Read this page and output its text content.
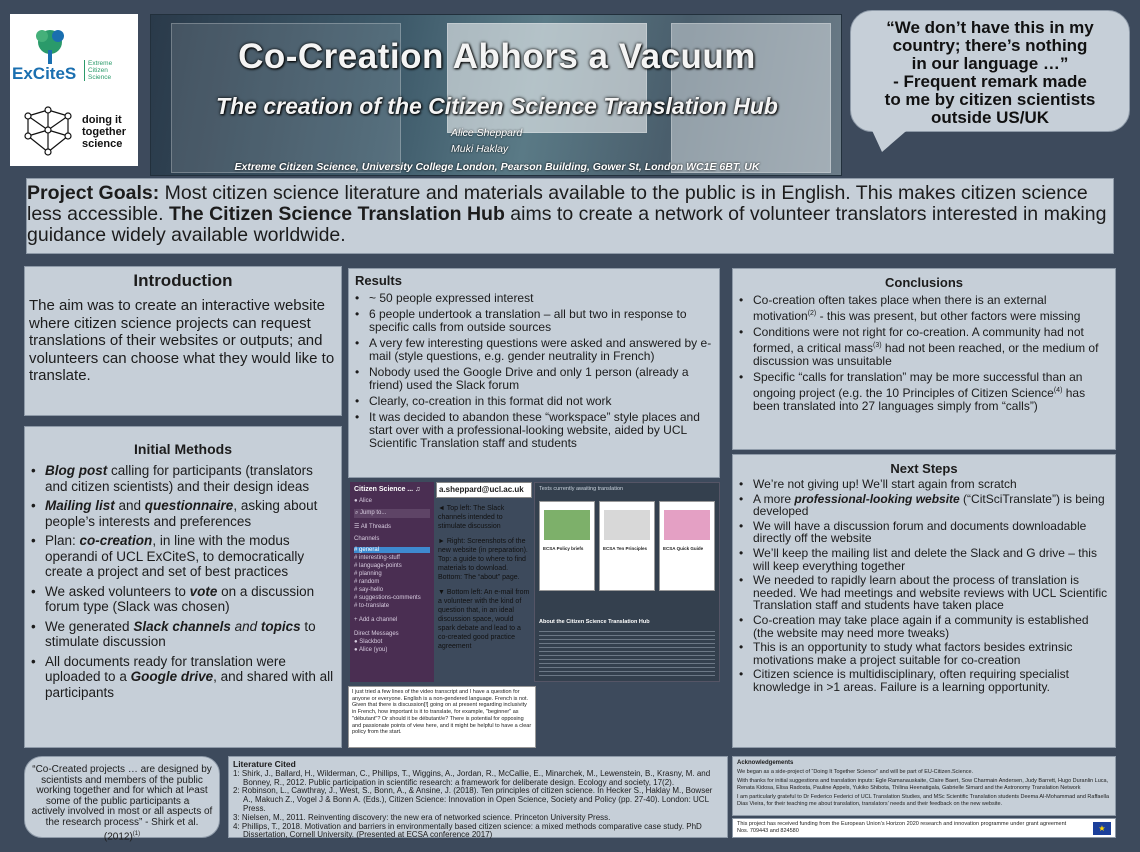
ExCiteS
Extreme
Citizen
Science
doing it
together
science
Co-Creation Abhors a Vacuum
The creation of the Citizen Science Translation Hub
Alice Sheppard
Muki Haklay
Extreme Citizen Science, University College London, Pearson Building, Gower St, London WC1E 6BT, UK
“We don’t have this in my
country; there’s nothing
in our language …”
- Frequent remark made
to me by citizen scientists
outside US/UK
Project Goals: Most citizen science literature and materials available to the public is in English. This makes citizen science less accessible. The Citizen Science Translation Hub aims to create a network of volunteer translators interested in making guidance widely available worldwide.
Introduction

The aim was to create an interactive website where citizen science projects can request translations of their websites or outputs; and volunteers can choose what they would like to translate.

Initial Methods
• Blog post calling for participants (translators and citizen scientists) and their design ideas
• Mailing list and questionnaire, asking about people’s interests and preferences
• Plan: co-creation, in line with the modus operandi of UCL ExCiteS, to democratically create a project and set of best practices
• We asked volunteers to vote on a discussion forum type (Slack was chosen)
• We generated Slack channels and topics to stimulate discussion
• All documents ready for translation were uploaded to a Google drive, and shared with all participants
Results
• ~ 50 people expressed interest
• 6 people undertook a translation – all but two in response to specific calls from outside sources
• A very few interesting questions were asked and answered by e-mail (style questions, e.g. gender neutrality in French)
• Nobody used the Google Drive and only 1 person (already a friend) used the Slack forum
• Clearly, co-creation in this format did not work
• It was decided to abandon these “workspace” style places and start over with a professional-looking website, aided by UCL Scientific Translation staff and students
Citizen Science ... ♫
● Alice
⌕ Jump to...
☰ All Threads
Channels
# general
# interesting-stuff
# language-points
# planning
# random
# say-hello
# suggestions-comments
# to-translate
+ Add a channel
Direct Messages
● Slackbot
● Alice (you)
a.sheppard@ucl.ac.uk
◄ Top left: The Slack channels intended to stimulate discussion
► Right: Screenshots of the new website (in preparation). Top: a guide to where to find materials to download. Bottom: The “about” page.
▼ Bottom left: An e-mail from a volunteer with the kind of question that, in an ideal discussion space, would spark debate and lead to a co-created good practice agreement
Texts currently awaiting translation
ECSA Policy briefs	ECSA Ten Principles	ECSA Quick Guide
About the Citizen Science Translation Hub
I just tried a few lines of the video transcript and I have a question for anyone or everyone. English is a non-gendered language. French is not. Given that there is discussion[!] going on at present regarding inclusivity in French, how important is it to translate, for example, "beginner" as "débutant"? Or should it be débutant/e? There is potential for opposing and passionate points of view here, and it might be helpful to have a clear policy from the start.
Conclusions
• Co-creation often takes place when there is an external motivation$^{(2)}$ - this was present, but other factors were missing
• Conditions were not right for co-creation. A community had not formed, a critical mass$^{(3)}$ had not been reached, or the medium of discussion was unsuitable
• Specific “calls for translation” may be more successful than an ongoing project (e.g. the 10 Principles of Citizen Science$^{(4)}$ has been translated into 27 languages simply from “calls”)
Next Steps
• We’re not giving up! We’ll start again from scratch
• A more professional-looking website (“CitSciTranslate”) is being developed
• We will have a discussion forum and documents downloadable directly off the website
• We’ll keep the mailing list and delete the Slack and G drive – this will keep everything together
• We needed to rapidly learn about the process of translation is needed. We had meetings and website reviews with UCL Scientific Translation staff and students have taken place
• Co-creation may take place again if a community is established (the website may need more tweaks)
• This is an opportunity to study what factors besides extrinsic motivations make a project suitable for co-creation
• Citizen science is multidisciplinary, often requiring specialist knowledge in >1 areas. Failure is a learning opportunity.
“Co-Created projects … are designed by scientists and members of the public working together and for which at least some of the public participants are actively involved in most or all aspects of the research process” - Shirk et al. $(2012)^{(1)}$
Literature Cited
1: Shirk, J., Ballard, H., Wilderman, C., Phillips, T., Wiggins, A., Jordan, R., McCallie, E., Minarchek, M., Lewenstein, B., Krasny, M. and Bonney, R., 2012. Public participation in scientific research: a framework for deliberate design. Ecology and society, 17(2).
2: Robinson, L., Cawthray, J., West, S., Bonn, A., & Ansine, J. (2018). Ten principles of citizen science. In Hecker S., Haklay M., Bowser A., Makuch Z., Vogel J & Bonn A. (Eds.), Citizen Science: Innovation in Open Science, Society and Policy (pp. 27-40). London: UCL Press.
3: Nielsen, M., 2011. Reinventing discovery: the new era of networked science. Princeton University Press.
4: Phillips, T., 2018. Motivation and barriers in environmentally based citizen science: a mixed methods comparative case study. PhD Dissertation, Cornell University. (Presented at ECSA conference 2017)
Acknowledgements

We began as a side-project of “Doing It Together Science” and will be part of EU-Citizen.Science.

With thanks for initial suggestions and translation inputs: Egle Ramanauskaite, Claire Baert, Sow Charmain Andersen, Judy Barrett, Hugo Duranlin Luca, Renata Kidosa, Elisa Radosta, Pauline Appels, Yukiko Shibota, Thilina Heenatigala, Gabrielle Simard and the Astronomy Translation Network

I am particularly grateful to Dr Federico Federici of UCL Translation Studies, and MSc Scientific Translation students Deema Al-Mohammad and Raffaella Dias Vieira, for their teaching me about translation, translators’ needs and their feedback on the new website.

This project has received funding from the European Union’s Horizon 2020 research and innovation programme under grant agreement Nos. 709443 and 824580	★
